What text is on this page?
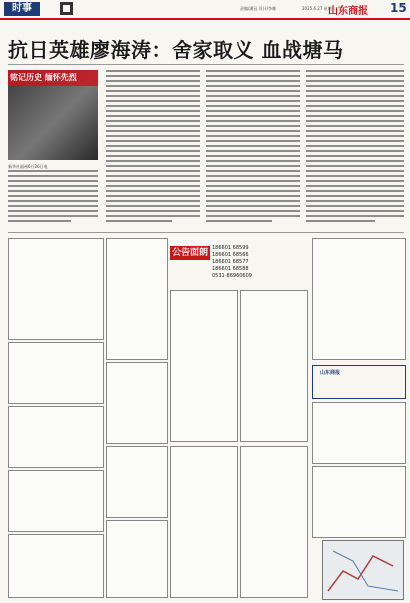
时事	责编/潘冠 设计/李娜	2025.6.27 星期五
山东商报 15
抗日英雄廖海涛：舍家取义 血战塘马
铭记历史 缅怀先烈
新华社福州6月26日电
公告面朗 186601 68599
186601 68566
186601 68577
186601 68588
0531-86960609
山东商报
